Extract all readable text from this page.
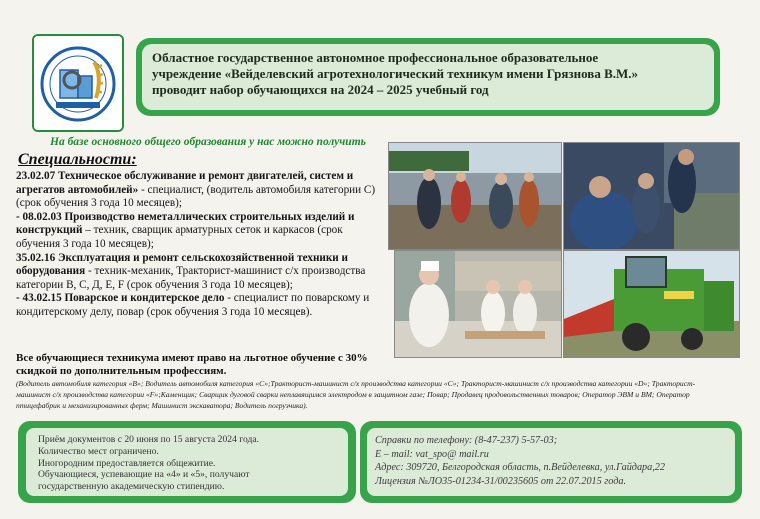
Областное государственное автономное профессиональное образовательное
учреждение «Вейделевский агротехнологический техникум имени Грязнова В.М.»
проводит набор обучающихся на 2024 – 2025 учебный год
На базе основного общего образования у нас можно получить
Специальности:

23.02.07 Техническое обслуживание и ремонт двигателей, систем и агрегатов автомобилей» - специалист, (водитель автомобиля категории С) (срок обучения 3 года 10 месяцев);

- 08.02.03 Производство неметаллических строительных изделий и конструкций – техник, сварщик арматурных сеток и каркасов (срок обучения 3 года 10 месяцев);

35.02.16 Эксплуатация и ремонт сельскохозяйственной техники и оборудования - техник-механик, Тракторист-машинист с/х производства категории В, С, Д, Е, F (срок обучения 3 года 10 месяцев);

- 43.02.15 Поварское и кондитерское дело - специалист по поварскому и кондитерскому делу, повар (срок обучения 3 года 10 месяцев).

Все обучающиеся техникума имеют право на льготное обучение с 30% скидкой по дополнительным профессиям.
(Водитель автомобиля категория «В»; Водитель автомобиля категория «С»;Тракторист-машинист с/х производства категории «С»; Тракторист-машинист с/х производства категории «D»; Тракторист-машинист с/х производства категории «F»;Каменщик; Сварщик дуговой сварки неплавящимся электродом в защитном газе; Повар; Продавец продовольственных товаров; Оператор ЭВМ и ВМ; Оператор птицефабрик и механизированных ферм; Машинист экскаватора; Водитель погрузчика).

Приём документов с 20 июня по 15 августа 2024 года.

Количество мест ограничено.

Иногородним предоставляется общежитие.

Обучающиеся, успевающие на «4» и «5», получают

государственную академическую стипендию.

Справки по телефону: (8-47-237) 5-57-03;

E – mail: vat_spo@ mail.ru

Адрес: 309720, Белгородская область, п.Вейделевка, ул.Гайдара,22

Лицензия №ЛО35-01234-31/00235605 от 22.07.2015 года.
